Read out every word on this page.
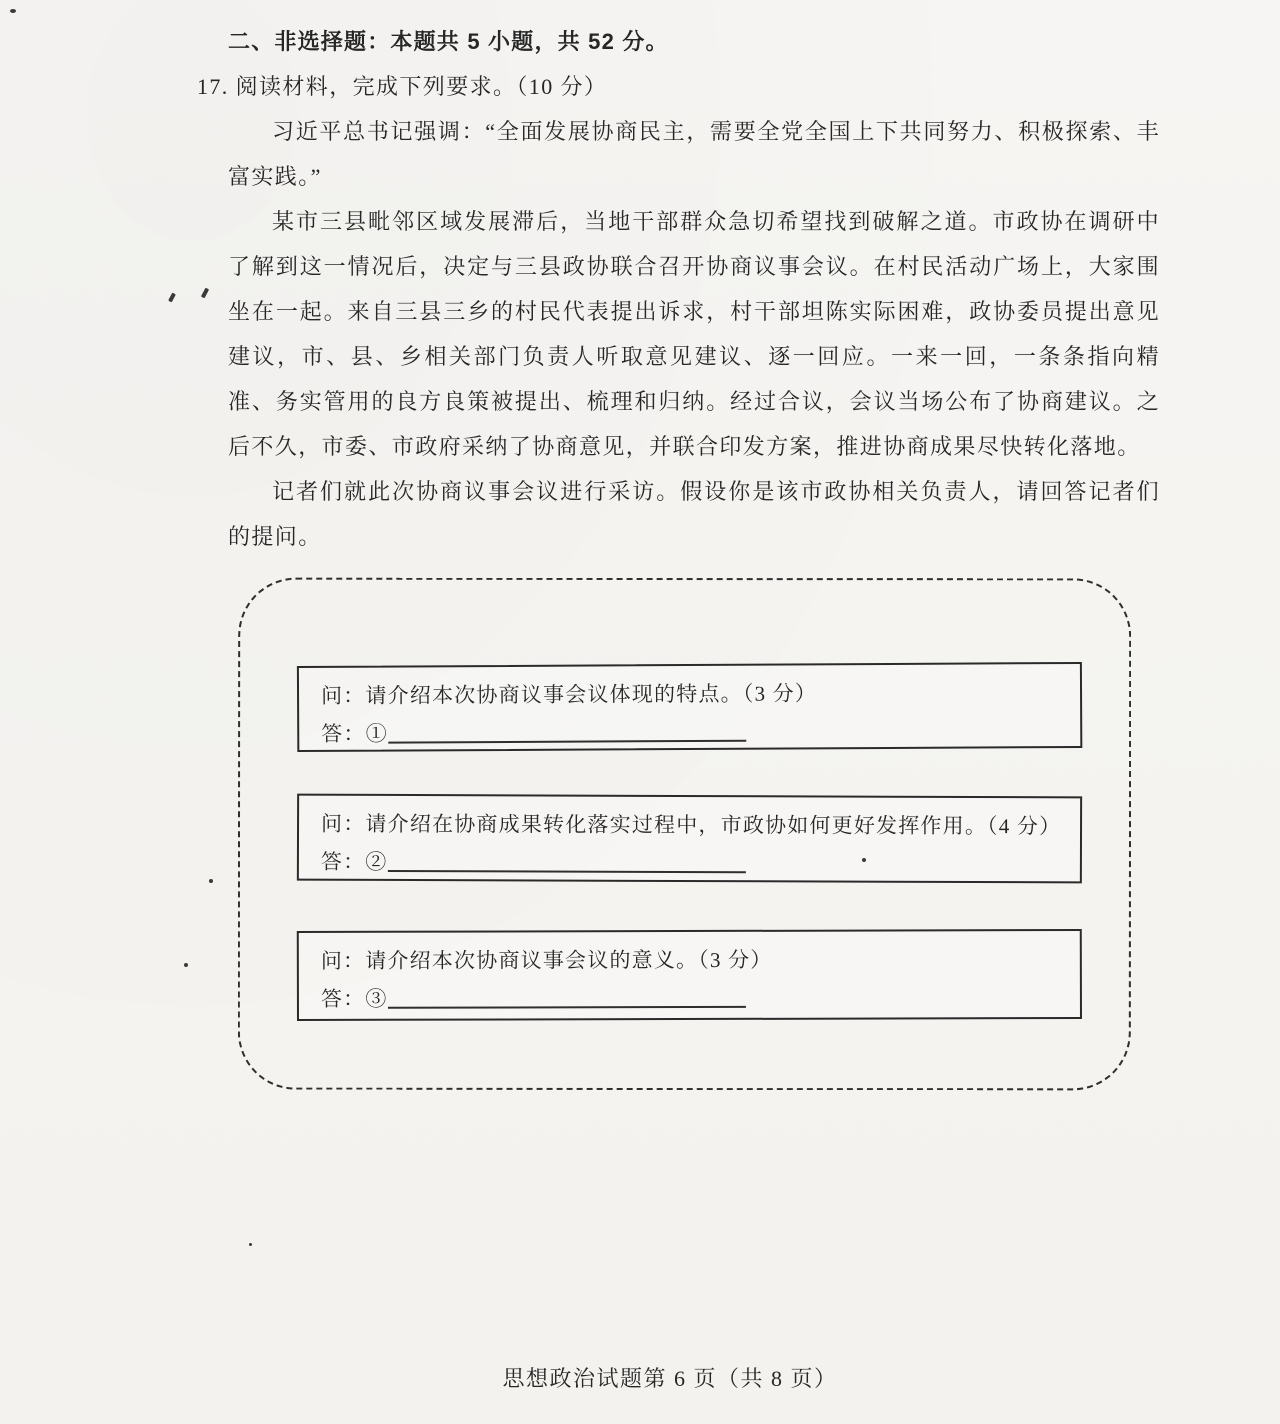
二、非选择题：本题共 5 小题，共 52 分。

17. 阅读材料，完成下列要求。（10 分）

习近平总书记强调：“全面发展协商民主，需要全党全国上下共同努力、积极探索、丰富实践。”

某市三县毗邻区域发展滞后，当地干部群众急切希望找到破解之道。市政协在调研中了解到这一情况后，决定与三县政协联合召开协商议事会议。在村民活动广场上，大家围坐在一起。来自三县三乡的村民代表提出诉求，村干部坦陈实际困难，政协委员提出意见建议，市、县、乡相关部门负责人听取意见建议、逐一回应。一来一回，一条条指向精准、务实管用的良方良策被提出、梳理和归纳。经过合议，会议当场公布了协商建议。之后不久，市委、市政府采纳了协商意见，并联合印发方案，推进协商成果尽快转化落地。

记者们就此次协商议事会议进行采访。假设你是该市政协相关负责人，请回答记者们的提问。

问：请介绍本次协商议事会议体现的特点。（3 分）
答：①
问：请介绍在协商成果转化落实过程中，市政协如何更好发挥作用。（4 分）
答：②
问：请介绍本次协商议事会议的意义。（3 分）
答：③
思想政治试题第 6 页（共 8 页）
